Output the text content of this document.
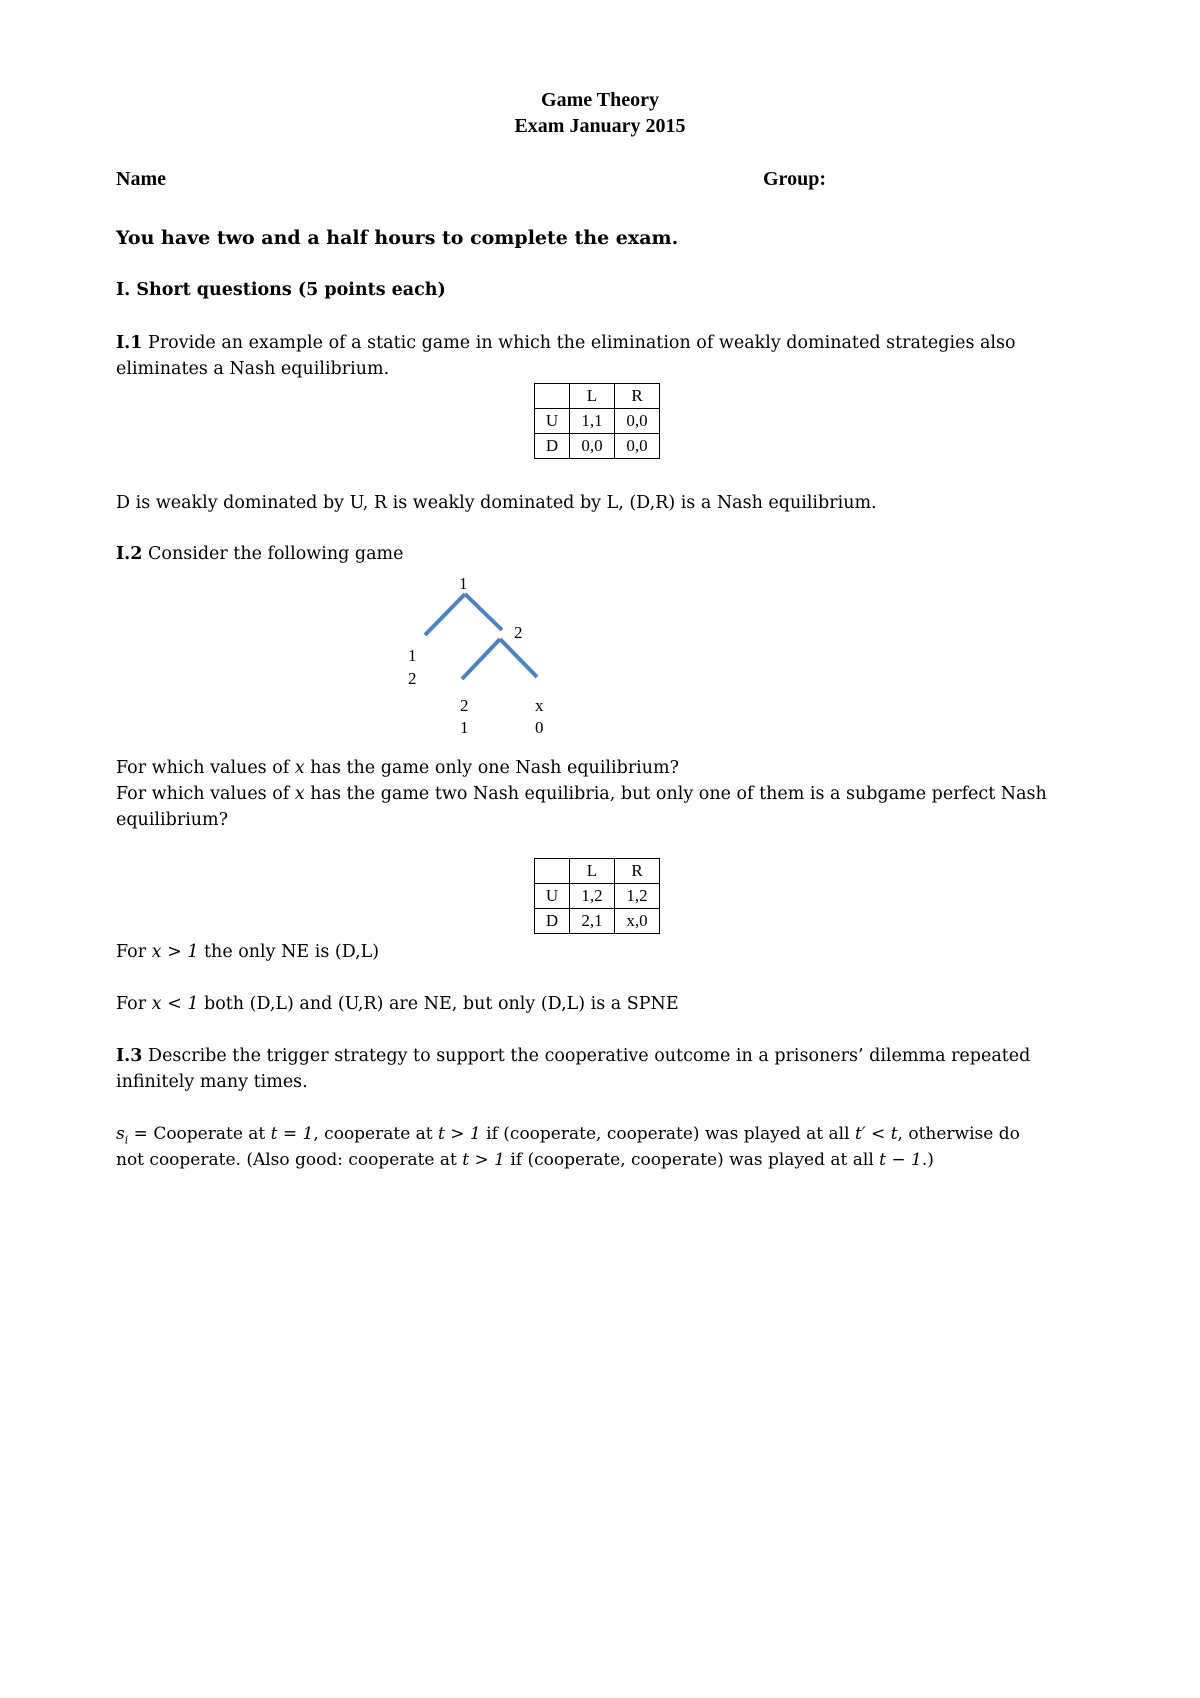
Game Theory
Exam January 2015
Name	Group:
You have two and a half hours to complete the exam.
I. Short questions (5 points each)
I.1 Provide an example of a static game in which the elimination of weakly dominated strategies also
eliminates a Nash equilibrium.
	L	R
U	1,1	0,0
D	0,0	0,0
D is weakly dominated by U, R is weakly dominated by L, (D,R) is a Nash equilibrium.
I.2 Consider the following game
1
2
1
2
2
1
x
0
For which values of x has the game only one Nash equilibrium?
For which values of x has the game two Nash equilibria, but only one of them is a subgame perfect Nash
equilibrium?
	L	R
U	1,2	1,2
D	2,1	x,0
For x > 1 the only NE is (D,L)
For x < 1 both (D,L) and (U,R) are NE, but only (D,L) is a SPNE
I.3 Describe the trigger strategy to support the cooperative outcome in a prisoners’ dilemma repeated
infinitely many times.
$s_i$ = Cooperate at t = 1, cooperate at t > 1 if (cooperate, cooperate) was played at all t′ < t, otherwise do
not cooperate. (Also good: cooperate at t > 1 if (cooperate, cooperate) was played at all t − 1.)
